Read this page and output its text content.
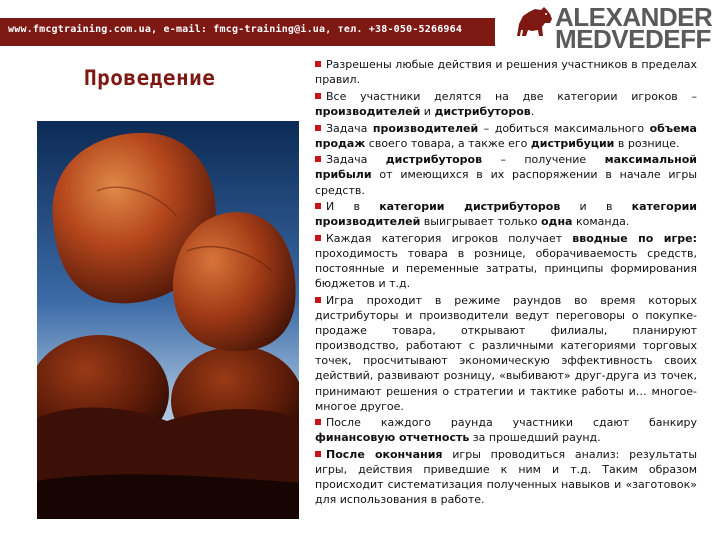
www.fmcgtraining.com.ua, e-mail: fmcg-training@i.ua, тел. +38-050-5266964	ALEXANDER

MEDVEDEFF

Проведение

Разрешены любые действия и решения участников в пределах правил.

Все участники делятся на две категории игроков – производителей и дистрибуторов.

Задача производителей – добиться максимального объема продаж своего товара, а также его дистрибуции в рознице.

Задача дистрибуторов – получение максимальной прибыли от имеющихся в их распоряжении в начале игры средств.

И в категории дистрибуторов и в категории производителей выигрывает только одна команда.

Каждая категория игроков получает вводные по игре: проходимость товара в рознице, оборачиваемость средств, постоянные и переменные затраты, принципы формирования бюджетов и т.д.

Игра проходит в режиме раундов во время которых дистрибуторы и производители ведут переговоры о покупке-продаже товара, открывают филиалы, планируют производство, работают с различными категориями торговых точек, просчитывают экономическую эффективность своих действий, развивают розницу, «выбивают» друг-друга из точек, принимают решения о стратегии и тактике работы и… многое-многое другое.

После каждого раунда участники сдают банкиру финансовую отчетность за прошедший раунд.

После окончания игры проводиться анализ: результаты игры, действия приведшие к ним и т.д. Таким образом происходит систематизация полученных навыков и «заготовок» для использования в работе.
